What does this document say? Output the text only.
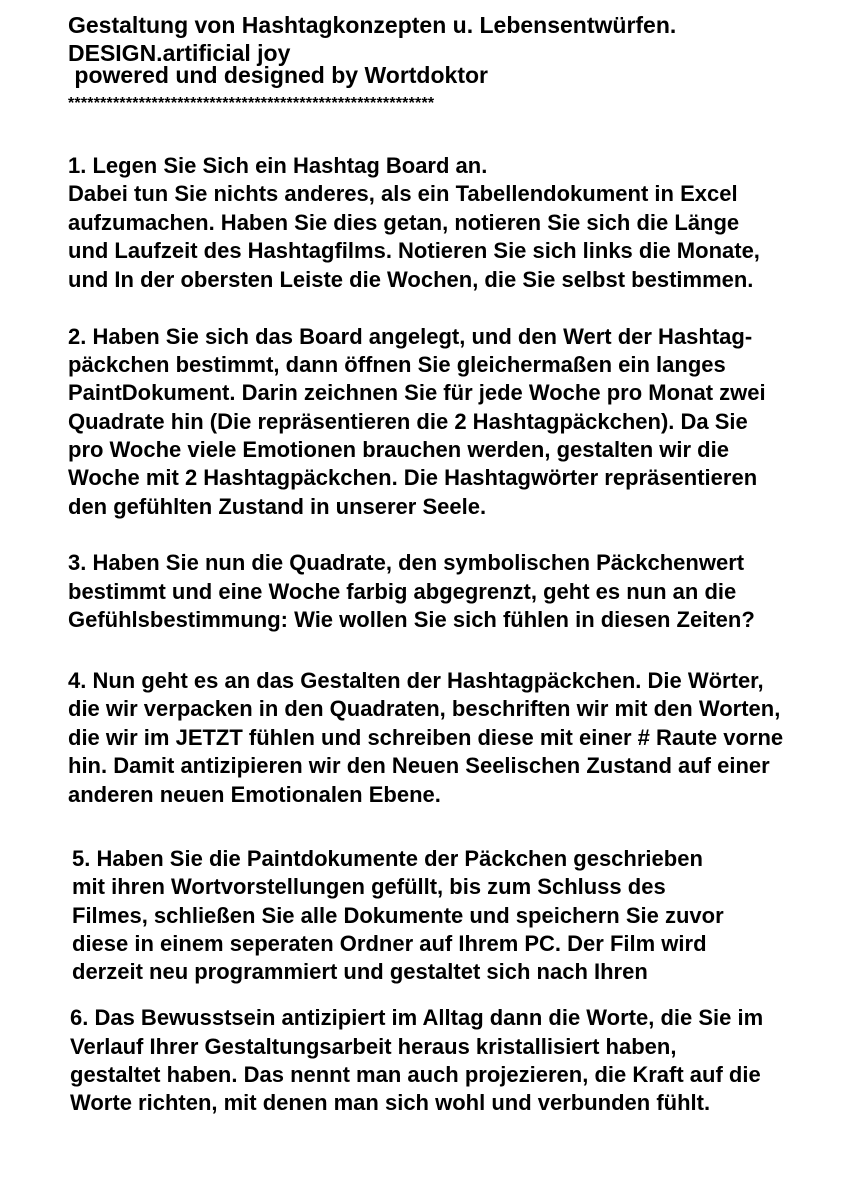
Gestaltung von Hashtagkonzepten u. Lebensentwürfen.

DESIGN.artificial joy

powered und designed by Wortdoktor

*********************************************************

1. Legen Sie Sich ein Hashtag Board an.

Dabei tun Sie nichts anderes, als ein Tabellendokument in Excel

aufzumachen. Haben Sie dies getan, notieren Sie sich die Länge

und Laufzeit des Hashtagfilms. Notieren Sie sich links die Monate,

und In der obersten Leiste die Wochen, die Sie selbst bestimmen.

2. Haben Sie sich das Board angelegt, und den Wert der Hashtag-

päckchen bestimmt, dann öffnen Sie gleichermaßen ein langes

PaintDokument. Darin zeichnen Sie für jede Woche pro Monat zwei

Quadrate hin (Die repräsentieren die 2 Hashtagpäckchen). Da Sie

pro Woche viele Emotionen brauchen werden, gestalten wir die

Woche mit 2 Hashtagpäckchen. Die Hashtagwörter repräsentieren

den gefühlten Zustand in unserer Seele.

3. Haben Sie nun die Quadrate, den symbolischen Päckchenwert

bestimmt und eine Woche farbig abgegrenzt, geht es nun an die

Gefühlsbestimmung: Wie wollen Sie sich fühlen in diesen Zeiten?

4. Nun geht es an das Gestalten der Hashtagpäckchen. Die Wörter,

die wir verpacken in den Quadraten, beschriften wir mit den Worten,

die wir im JETZT fühlen und schreiben diese mit einer # Raute vorne

hin. Damit antizipieren wir den Neuen Seelischen Zustand auf einer

anderen neuen Emotionalen Ebene.

5. Haben Sie die Paintdokumente der Päckchen geschrieben

mit ihren Wortvorstellungen gefüllt, bis zum Schluss des

Filmes, schließen Sie alle Dokumente und speichern Sie zuvor

diese in einem seperaten Ordner auf Ihrem PC. Der Film wird

derzeit neu programmiert und gestaltet sich nach Ihren

6. Das Bewusstsein antizipiert im Alltag dann die Worte, die Sie im

Verlauf Ihrer Gestaltungsarbeit heraus kristallisiert haben,

gestaltet haben. Das nennt man auch projezieren, die Kraft auf die

Worte richten, mit denen man sich wohl und verbunden fühlt.
